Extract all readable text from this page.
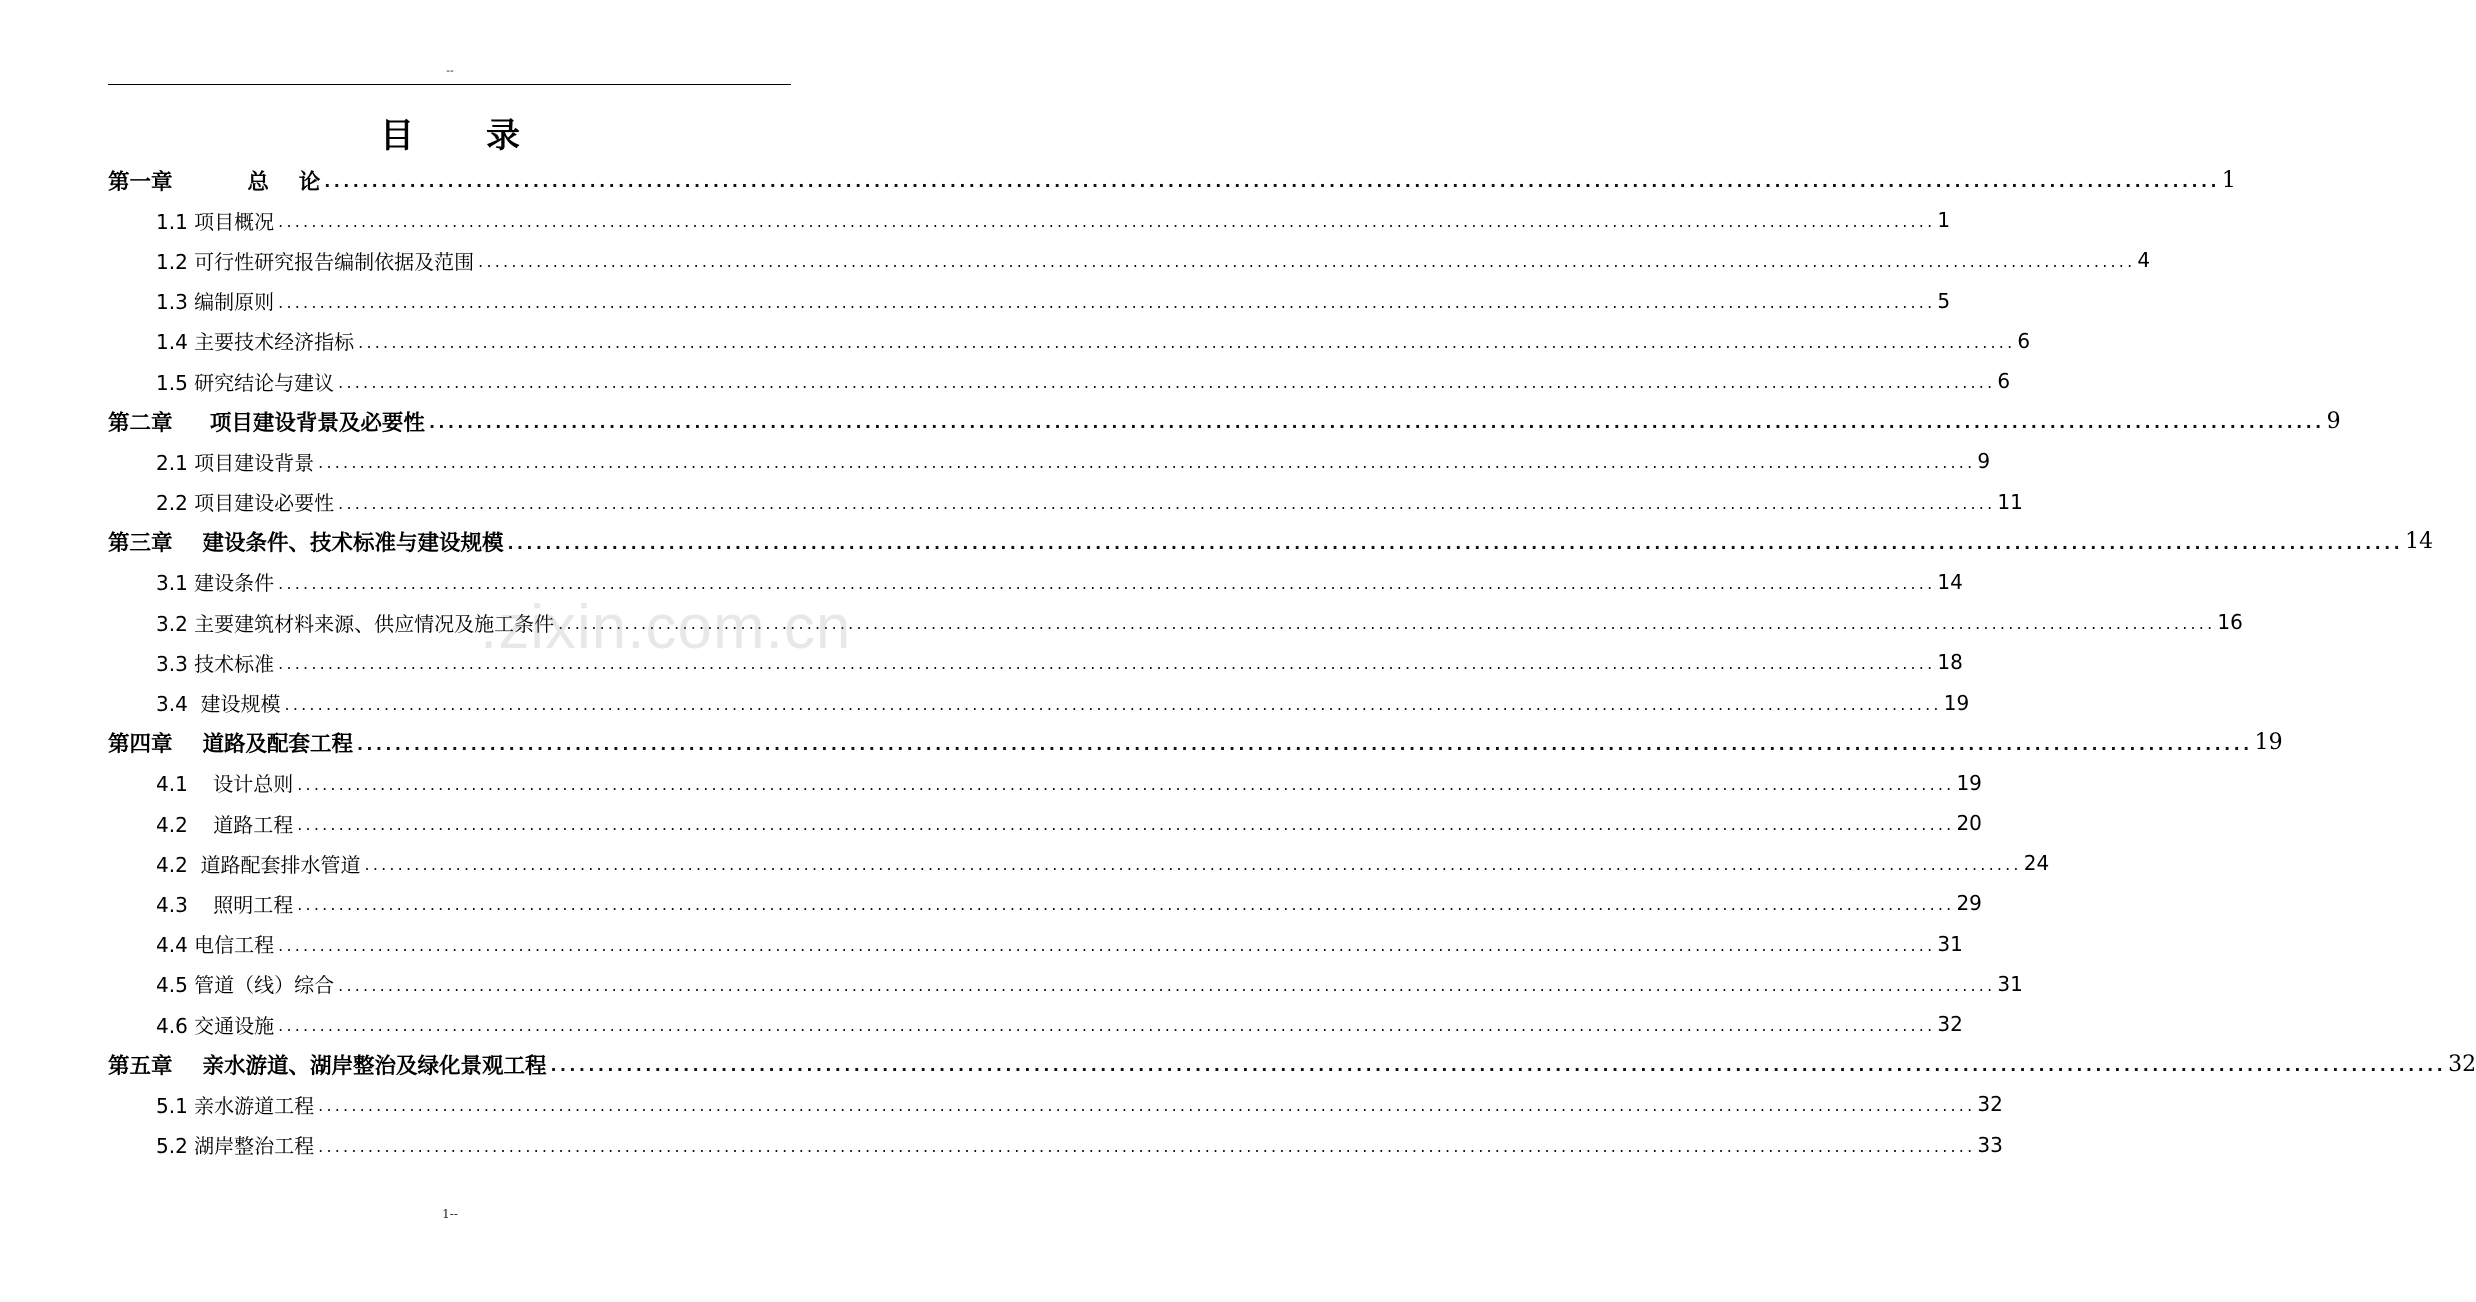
--
目录
第一章          总    论 ........................................................................................................................................................................................................ 1
1.1 项目概况 ........................................................................................................................................................................................................ 1
1.2 可行性研究报告编制依据及范围 ........................................................................................................................................................................................................ 4
1.3 编制原则 ........................................................................................................................................................................................................ 5
1.4 主要技术经济指标 ........................................................................................................................................................................................................ 6
1.5 研究结论与建议 ........................................................................................................................................................................................................ 6
第二章     项目建设背景及必要性 ........................................................................................................................................................................................................ 9
2.1 项目建设背景 ........................................................................................................................................................................................................ 9
2.2 项目建设必要性 ........................................................................................................................................................................................................ 11
第三章    建设条件、技术标准与建设规模 ........................................................................................................................................................................................................ 14
3.1 建设条件 ........................................................................................................................................................................................................ 14
3.2 主要建筑材料来源、供应情况及施工条件 ........................................................................................................................................................................................................ 16
3.3 技术标准 ........................................................................................................................................................................................................ 18
3.4  建设规模 ........................................................................................................................................................................................................ 19
第四章    道路及配套工程 ........................................................................................................................................................................................................ 19
4.1    设计总则 ........................................................................................................................................................................................................ 19
4.2    道路工程 ........................................................................................................................................................................................................ 20
4.2  道路配套排水管道 ........................................................................................................................................................................................................ 24
4.3    照明工程 ........................................................................................................................................................................................................ 29
4.4 电信工程 ........................................................................................................................................................................................................ 31
4.5 管道（线）综合 ........................................................................................................................................................................................................ 31
4.6 交通设施 ........................................................................................................................................................................................................ 32
第五章    亲水游道、湖岸整治及绿化景观工程 ........................................................................................................................................................................................................ 32
5.1 亲水游道工程 ........................................................................................................................................................................................................ 32
5.2 湖岸整治工程 ........................................................................................................................................................................................................ 33
.zixin.com.cn
1--
